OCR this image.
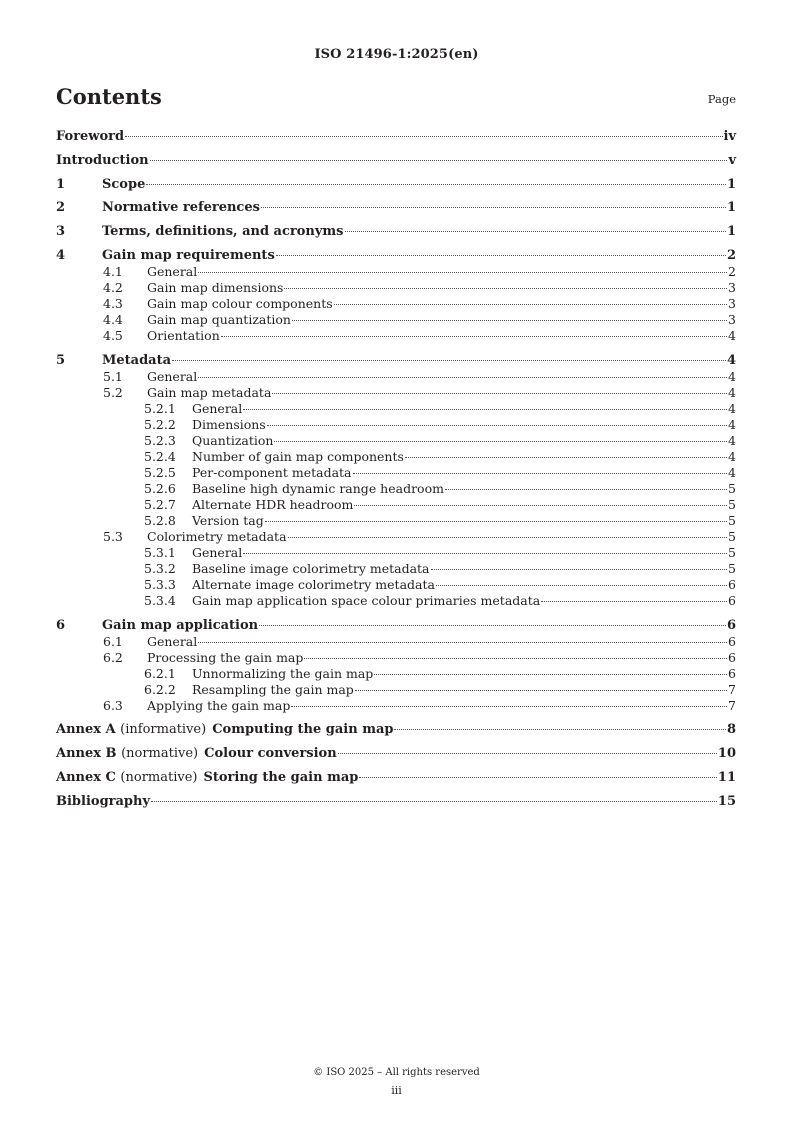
ISO 21496-1:2025(en)
Contents	Page
Foreword	iv
Introduction	v
1	Scope	1
2	Normative references	1
3	Terms, definitions, and acronyms	1
4	Gain map requirements	2
4.1	General	2
4.2	Gain map dimensions	3
4.3	Gain map colour components	3
4.4	Gain map quantization	3
4.5	Orientation	4
5	Metadata	4
5.1	General	4
5.2	Gain map metadata	4
5.2.1	General	4
5.2.2	Dimensions	4
5.2.3	Quantization	4
5.2.4	Number of gain map components	4
5.2.5	Per-component metadata	4
5.2.6	Baseline high dynamic range headroom	5
5.2.7	Alternate HDR headroom	5
5.2.8	Version tag	5
5.3	Colorimetry metadata	5
5.3.1	General	5
5.3.2	Baseline image colorimetry metadata	5
5.3.3	Alternate image colorimetry metadata	6
5.3.4	Gain map application space colour primaries metadata	6
6	Gain map application	6
6.1	General	6
6.2	Processing the gain map	6
6.2.1	Unnormalizing the gain map	6
6.2.2	Resampling the gain map	7
6.3	Applying the gain map	7
Annex A (informative) Computing the gain map	8
Annex B (normative) Colour conversion	10
Annex C (normative) Storing the gain map	11
Bibliography	15
© ISO 2025 – All rights reserved
iii
